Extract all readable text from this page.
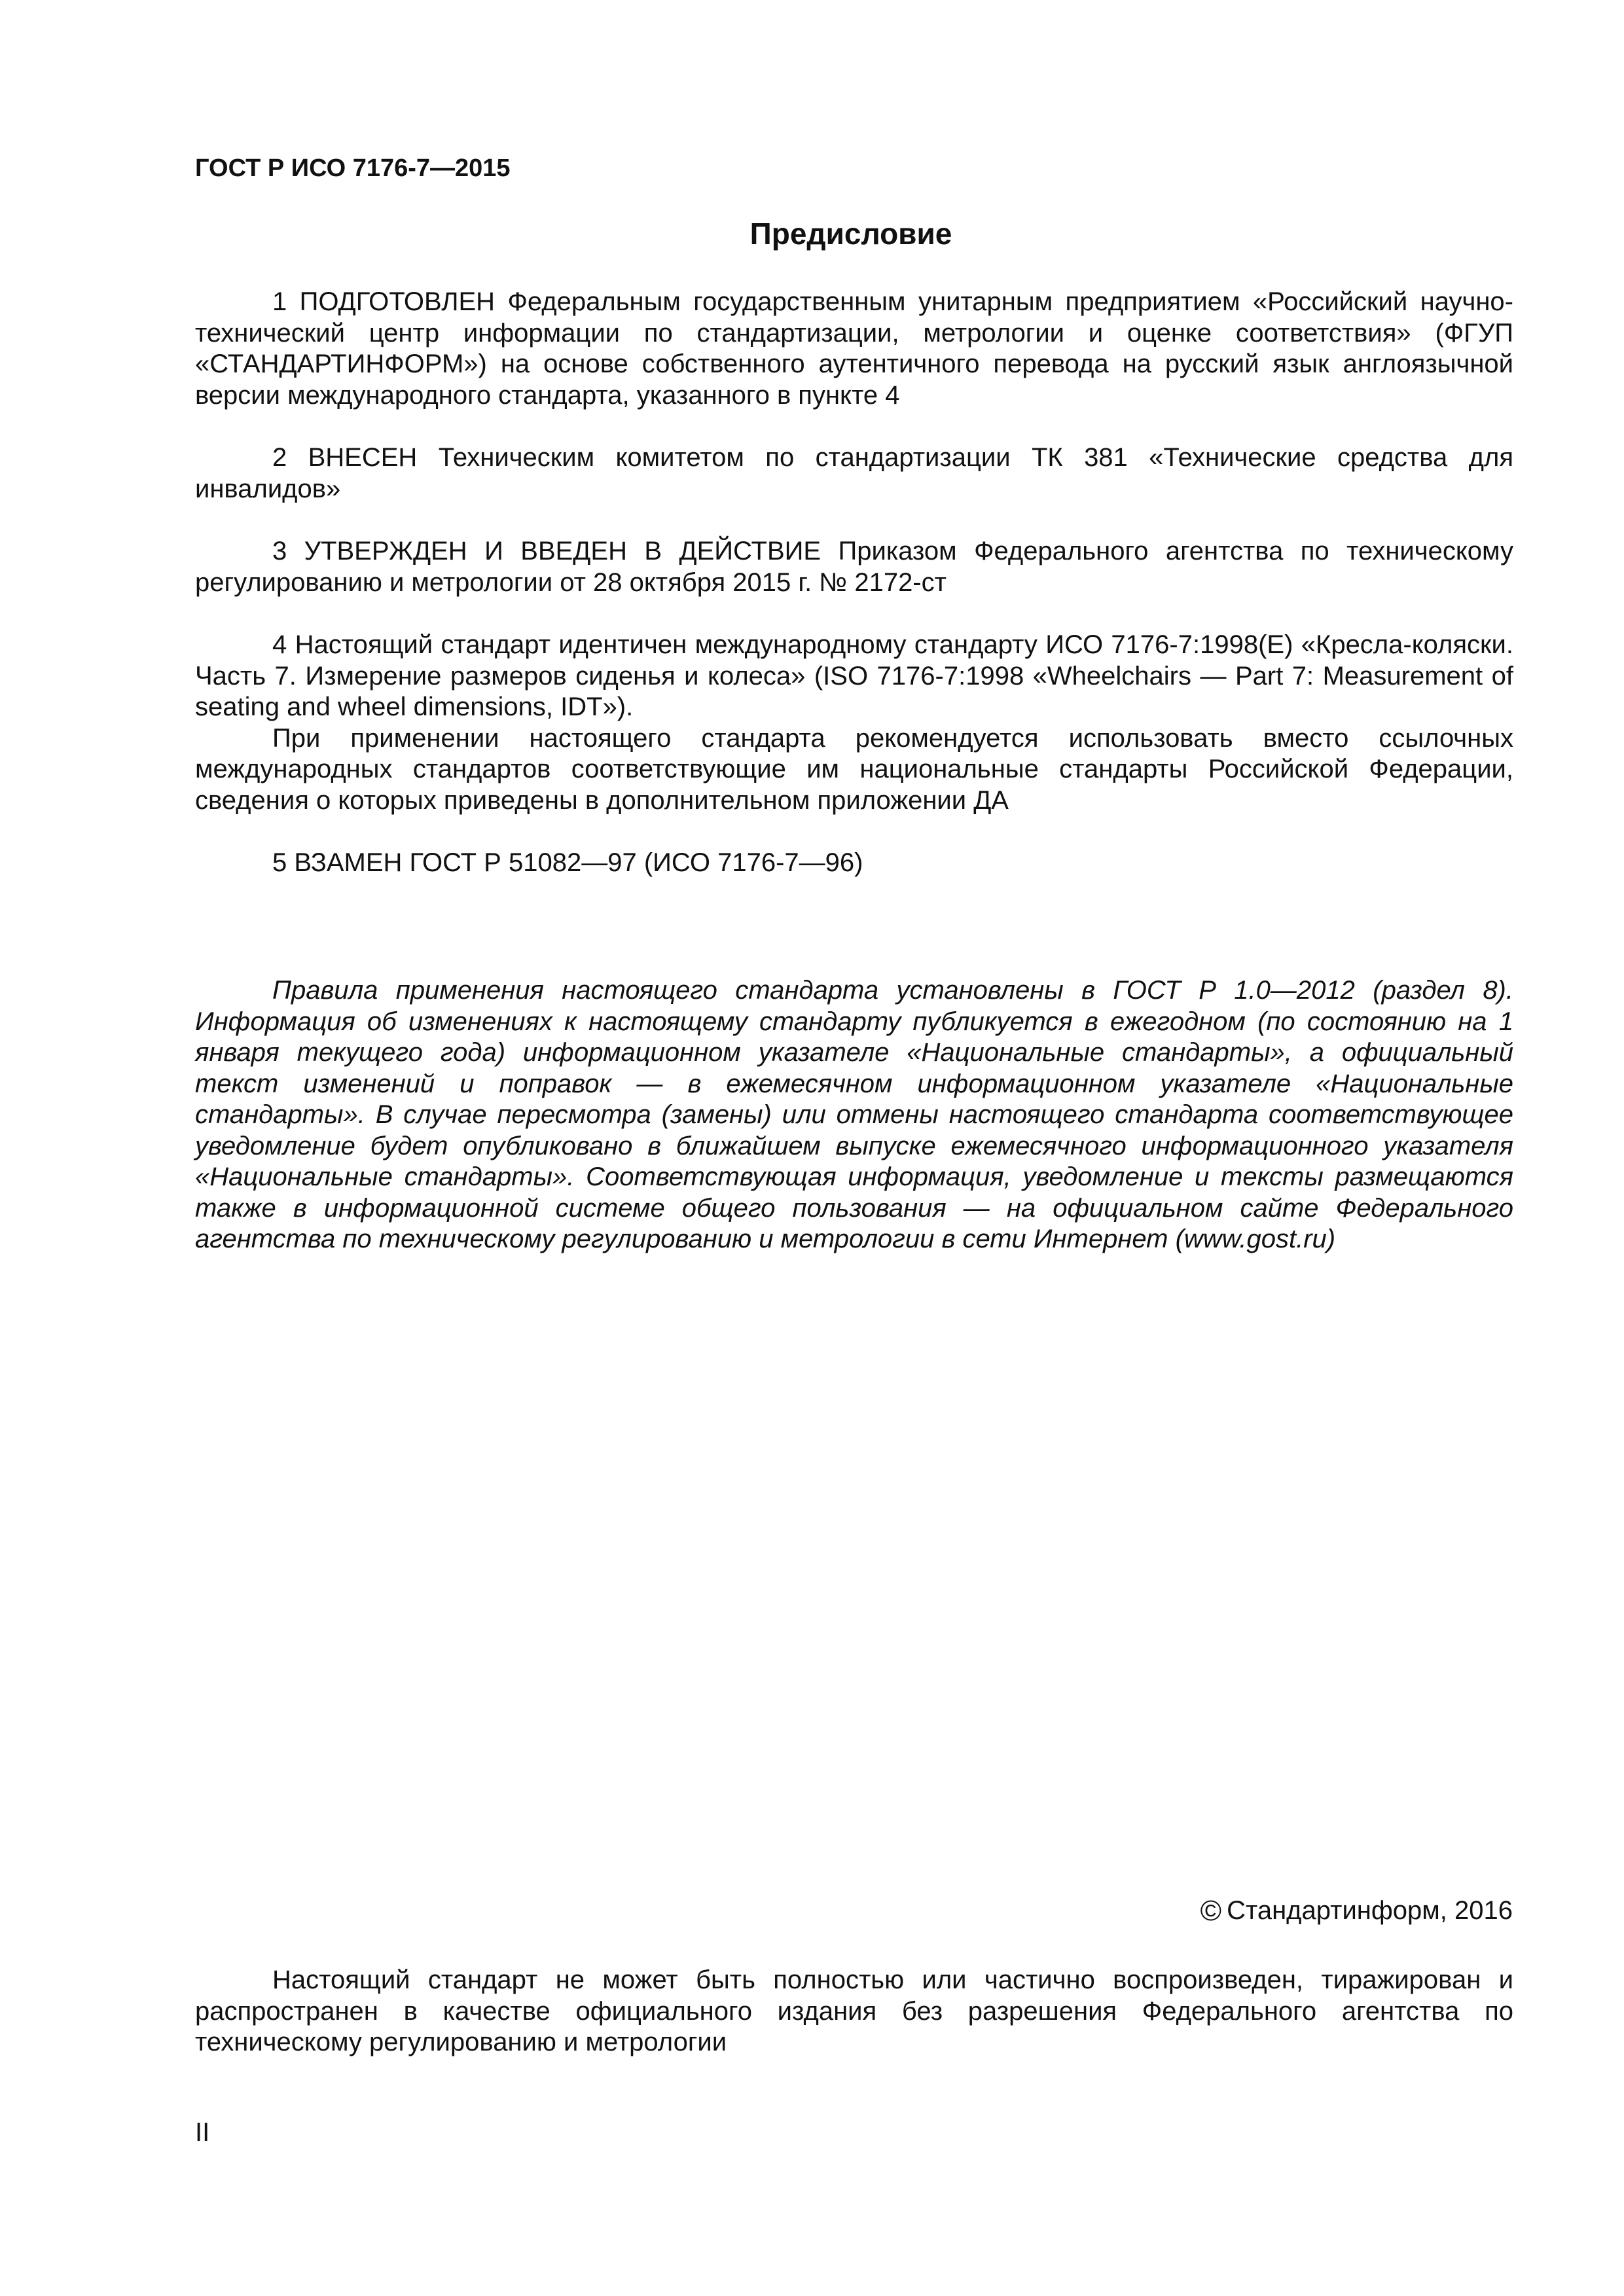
ГОСТ Р ИСО 7176-7—2015
Предисловие

1 ПОДГОТОВЛЕН Федеральным государственным унитарным предприятием «Российский научно-технический центр информации по стандартизации, метрологии и оценке соответствия» (ФГУП «СТАНДАРТИНФОРМ») на основе собственного аутентичного перевода на русский язык англоязычной версии международного стандарта, указанного в пункте 4

2 ВНЕСЕН Техническим комитетом по стандартизации ТК 381 «Технические средства для инвалидов»

3 УТВЕРЖДЕН И ВВЕДЕН В ДЕЙСТВИЕ Приказом Федерального агентства по техническому регулированию и метрологии от 28 октября 2015 г. № 2172-ст

4 Настоящий стандарт идентичен международному стандарту ИСО 7176-7:1998(E) «Кресла-коляски. Часть 7. Измерение размеров сиденья и колеса» (ISO 7176-7:1998 «Wheelchairs — Part 7: Measurement of seating and wheel dimensions, IDT»).

При применении настоящего стандарта рекомендуется использовать вместо ссылочных международных стандартов соответствующие им национальные стандарты Российской Федерации, сведения о которых приведены в дополнительном приложении ДА

5 ВЗАМЕН ГОСТ Р 51082—97 (ИСО 7176-7—96)

Правила применения настоящего стандарта установлены в ГОСТ Р 1.0—2012 (раздел 8). Информация об изменениях к настоящему стандарту публикуется в ежегодном (по состоянию на 1 января текущего года) информационном указателе «Национальные стандарты», а официальный текст изменений и поправок — в ежемесячном информационном указателе «Национальные стандарты». В случае пересмотра (замены) или отмены настоящего стандарта соответствующее уведомление будет опубликовано в ближайшем выпуске ежемесячного информационного указателя «Национальные стандарты». Соответствующая информация, уведомление и тексты размещаются также в информационной системе общего пользования — на официальном сайте Федерального агентства по техническому регулированию и метрологии в сети Интернет (www.gost.ru)

© Стандартинформ, 2016

Настоящий стандарт не может быть полностью или частично воспроизведен, тиражирован и распространен в качестве официального издания без разрешения Федерального агентства по техническому регулированию и метрологии

II
